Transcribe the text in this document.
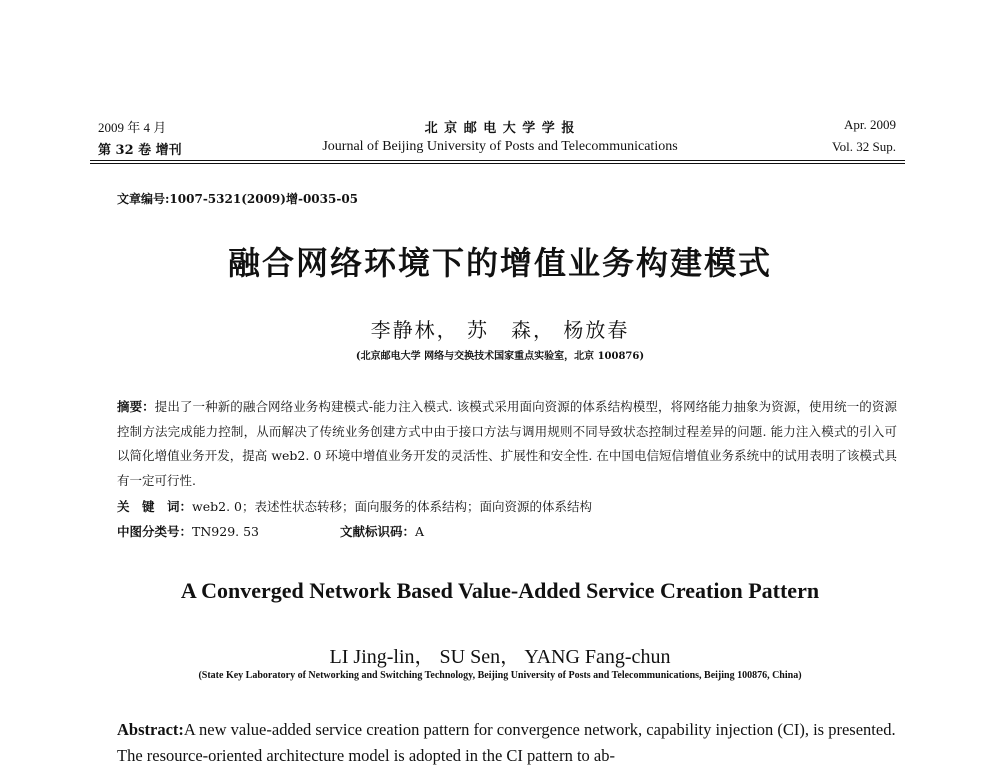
2009 年 4 月
第 32 卷 增刊
北 京 邮 电 大 学 学 报
Journal of Beijing University of Posts and Telecommunications
Apr. 2009
Vol. 32 Sup.
文章编号:1007-5321(2009)增-0035-05
融合网络环境下的增值业务构建模式
李静林， 苏　森， 杨放春
(北京邮电大学 网络与交换技术国家重点实验室，北京 100876)
摘要：提出了一种新的融合网络业务构建模式-能力注入模式. 该模式采用面向资源的体系结构模型，将网络能力抽象为资源，使用统一的资源控制方法完成能力控制，从而解决了传统业务创建方式中由于接口方法与调用规则不同导致状态控制过程差异的问题. 能力注入模式的引入可以简化增值业务开发，提高 web2. 0 环境中增值业务开发的灵活性、扩展性和安全性. 在中国电信短信增值业务系统中的试用表明了该模式具有一定可行性.
关　键　词：web2. 0；表述性状态转移；面向服务的体系结构；面向资源的体系结构
中图分类号：TN929. 53	文献标识码：A
A Converged Network Based Value-Added Service Creation Pattern
LI Jing-lin， SU Sen， YANG Fang-chun
(State Key Laboratory of Networking and Switching Technology, Beijing University of Posts and Telecommunications, Beijing 100876, China)
Abstract:A new value-added service creation pattern for convergence network, capability injection (CI), is presented. The resource-oriented architecture model is adopted in the CI pattern to ab-
